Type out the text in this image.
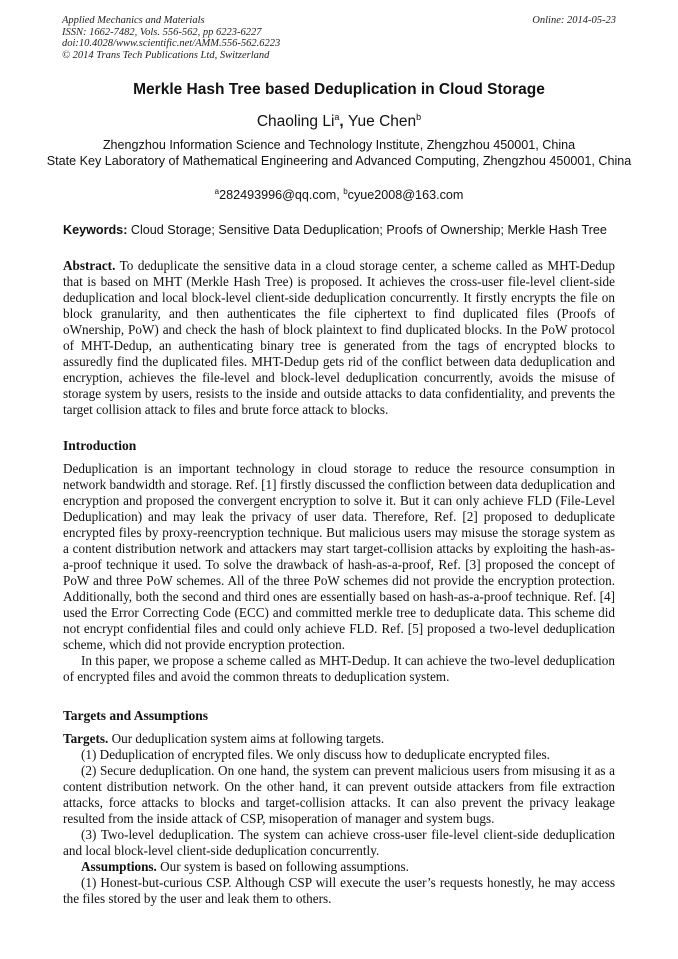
Applied Mechanics and Materials
ISSN: 1662-7482, Vols. 556-562, pp 6223-6227
doi:10.4028/www.scientific.net/AMM.556-562.6223
© 2014 Trans Tech Publications Ltd, Switzerland
Online: 2014-05-23
Merkle Hash Tree based Deduplication in Cloud Storage
Chaoling Li$^a$, Yue Chen$^b$
Zhengzhou Information Science and Technology Institute, Zhengzhou 450001, China
State Key Laboratory of Mathematical Engineering and Advanced Computing, Zhengzhou 450001, China
$^a$282493996@qq.com, $^b$cyue2008@163.com
Keywords: Cloud Storage; Sensitive Data Deduplication; Proofs of Ownership; Merkle Hash Tree

Abstract. To deduplicate the sensitive data in a cloud storage center, a scheme called as MHT-Dedup that is based on MHT (Merkle Hash Tree) is proposed. It achieves the cross-user file-level client-side deduplication and local block-level client-side deduplication concurrently. It firstly encrypts the file on block granularity, and then authenticates the file ciphertext to find duplicated files (Proofs of oWnership, PoW) and check the hash of block plaintext to find duplicated blocks. In the PoW protocol of MHT-Dedup, an authenticating binary tree is generated from the tags of encrypted blocks to assuredly find the duplicated files. MHT-Dedup gets rid of the conflict between data deduplication and encryption, achieves the file-level and block-level deduplication concurrently, avoids the misuse of storage system by users, resists to the inside and outside attacks to data confidentiality, and prevents the target collision attack to files and brute force attack to blocks.

Introduction

Deduplication is an important technology in cloud storage to reduce the resource consumption in network bandwidth and storage. Ref. [1] firstly discussed the confliction between data deduplication and encryption and proposed the convergent encryption to solve it. But it can only achieve FLD (File-Level Deduplication) and may leak the privacy of user data. Therefore, Ref. [2] proposed to deduplicate encrypted files by proxy-reencryption technique. But malicious users may misuse the storage system as a content distribution network and attackers may start target-collision attacks by exploiting the hash-as-a-proof technique it used. To solve the drawback of hash-as-a-proof, Ref. [3] proposed the concept of PoW and three PoW schemes. All of the three PoW schemes did not provide the encryption protection. Additionally, both the second and third ones are essentially based on hash-as-a-proof technique. Ref. [4] used the Error Correcting Code (ECC) and committed merkle tree to deduplicate data. This scheme did not encrypt confidential files and could only achieve FLD. Ref. [5] proposed a two-level deduplication scheme, which did not provide encryption protection.

In this paper, we propose a scheme called as MHT-Dedup. It can achieve the two-level deduplication of encrypted files and avoid the common threats to deduplication system.

Targets and Assumptions

Targets. Our deduplication system aims at following targets.

(1) Deduplication of encrypted files. We only discuss how to deduplicate encrypted files.

(2) Secure deduplication. On one hand, the system can prevent malicious users from misusing it as a content distribution network. On the other hand, it can prevent outside attackers from file extraction attacks, force attacks to blocks and target-collision attacks. It can also prevent the privacy leakage resulted from the inside attack of CSP, misoperation of manager and system bugs.

(3) Two-level deduplication. The system can achieve cross-user file-level client-side deduplication and local block-level client-side deduplication concurrently.

Assumptions. Our system is based on following assumptions.

(1) Honest-but-curious CSP. Although CSP will execute the user’s requests honestly, he may access the files stored by the user and leak them to others.
